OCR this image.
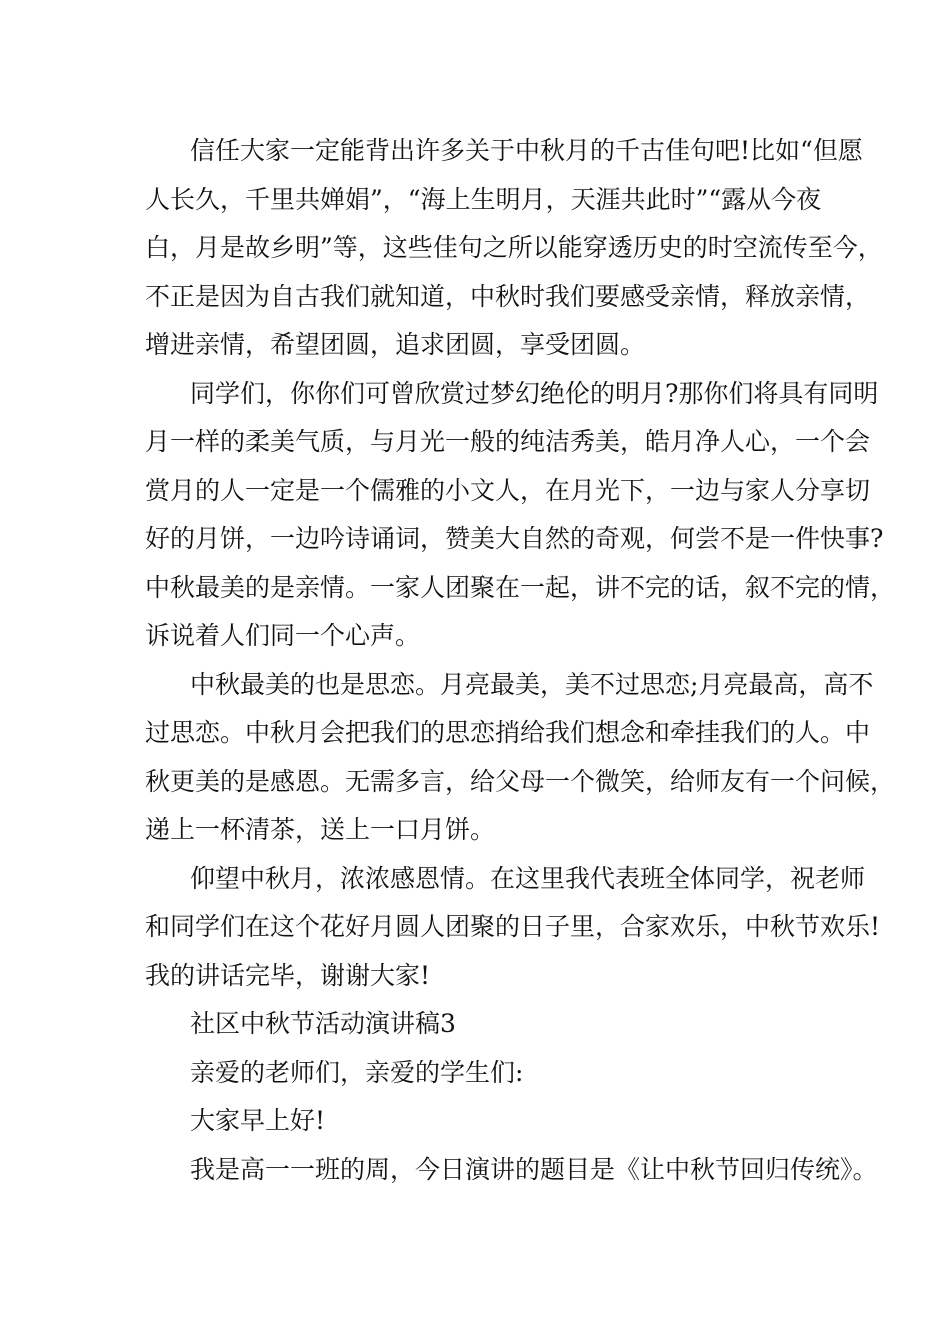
信任大家一定能背出许多关于中秋月的千古佳句吧!比如“但愿
人长久，千里共婵娟”，“海上生明月，天涯共此时”“露从今夜
白，月是故乡明”等，这些佳句之所以能穿透历史的时空流传至今，
不正是因为自古我们就知道，中秋时我们要感受亲情，释放亲情，
增进亲情，希望团圆，追求团圆，享受团圆。
同学们，你你们可曾欣赏过梦幻绝伦的明月?那你们将具有同明
月一样的柔美气质，与月光一般的纯洁秀美，皓月净人心，一个会
赏月的人一定是一个儒雅的小文人，在月光下，一边与家人分享切
好的月饼，一边吟诗诵词，赞美大自然的奇观，何尝不是一件快事?
中秋最美的是亲情。一家人团聚在一起，讲不完的话，叙不完的情，
诉说着人们同一个心声。
中秋最美的也是思恋。月亮最美，美不过思恋;月亮最高，高不
过思恋。中秋月会把我们的思恋捎给我们想念和牵挂我们的人。中
秋更美的是感恩。无需多言，给父母一个微笑，给师友有一个问候，
递上一杯清茶，送上一口月饼。
仰望中秋月，浓浓感恩情。在这里我代表班全体同学，祝老师
和同学们在这个花好月圆人团聚的日子里，合家欢乐，中秋节欢乐!
我的讲话完毕，谢谢大家!
社区中秋节活动演讲稿3
亲爱的老师们，亲爱的学生们:
大家早上好!
我是高一一班的周，今日演讲的题目是《让中秋节回归传统》。
